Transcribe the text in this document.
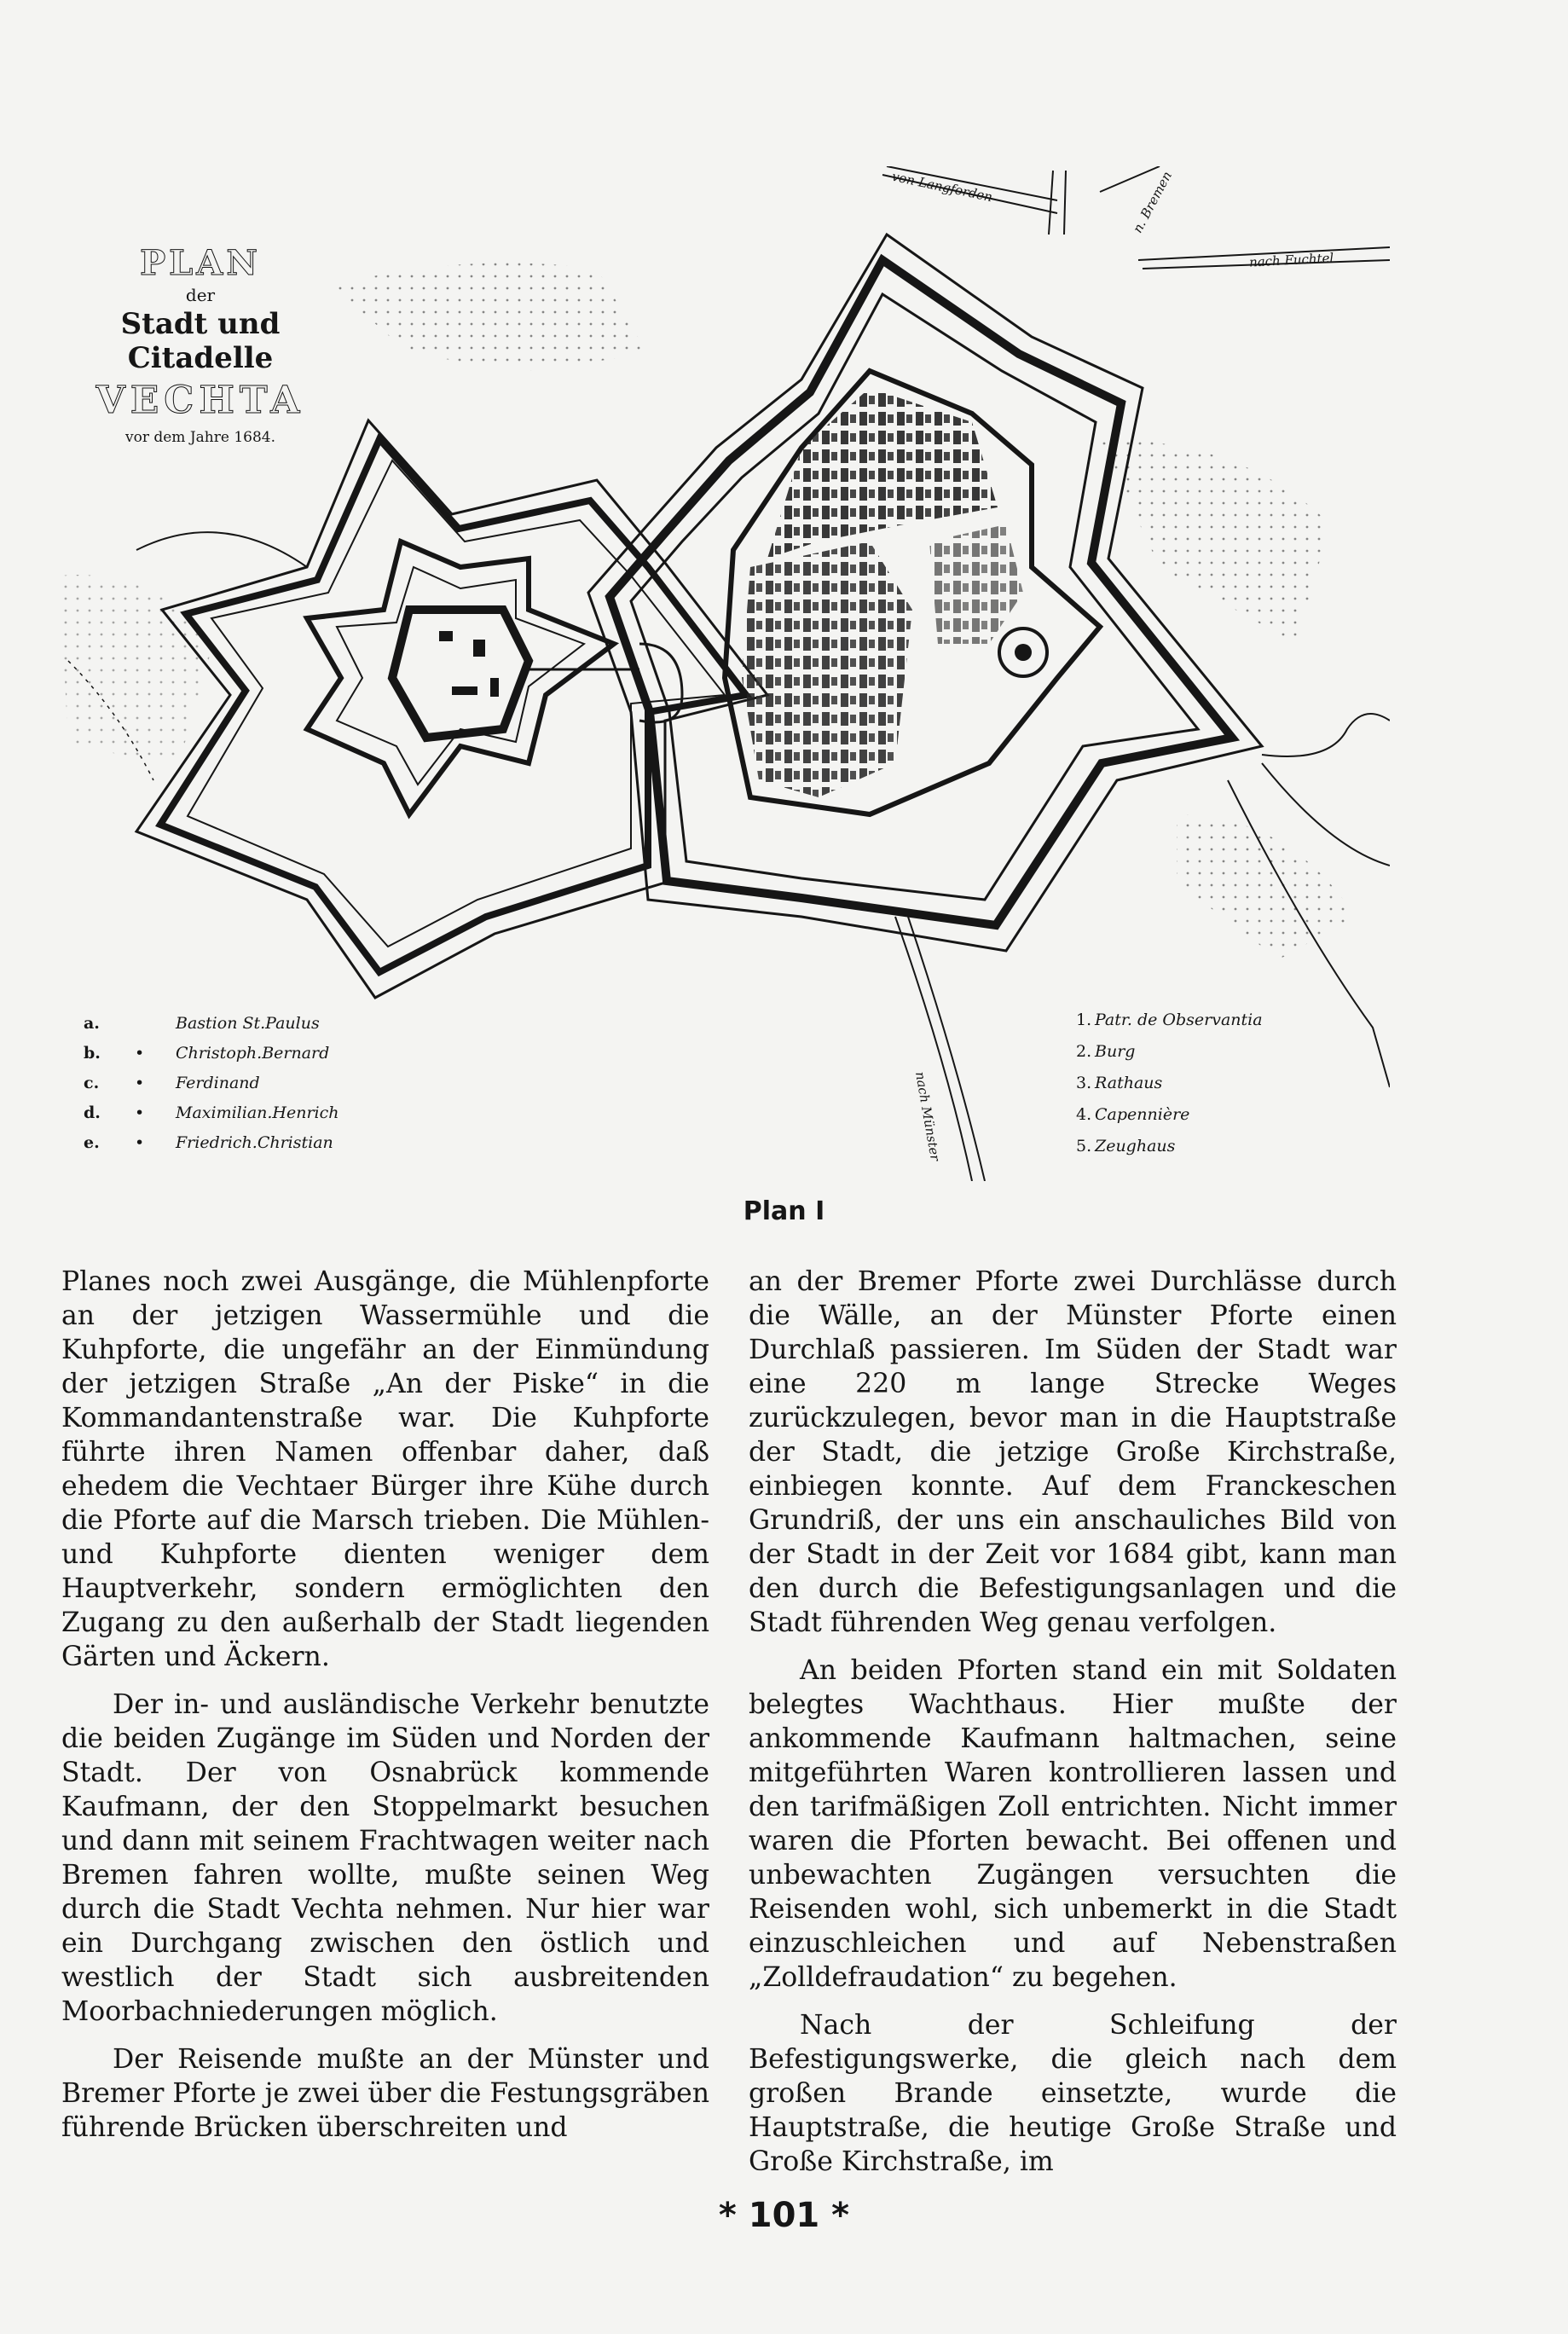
PLAN
der
Stadt und Citadelle
VECHTA
vor dem Jahre 1684.
von Langforden	n. Bremen
nach Fuchtel
nach Münster
a.	Bastion St.Paulus
b. • Christoph.Bernard
c. • Ferdinand
d. • Maximilian.Henrich
e. • Friedrich.Christian
1. Patr. de Observantia
2. Burg
3. Rathaus
4. Capennière
5. Zeughaus
Plan I

Planes noch zwei Ausgänge, die Mühlenpforte an der jetzigen Wassermühle und die Kuhpforte, die ungefähr an der Einmündung der jetzigen Straße „An der Piske“ in die Kommandantenstraße war. Die Kuhpforte führte ihren Namen offenbar daher, daß ehedem die Vechtaer Bürger ihre Kühe durch die Pforte auf die Marsch trieben. Die Mühlen- und Kuhpforte dienten weniger dem Hauptverkehr, sondern ermöglichten den Zugang zu den außerhalb der Stadt liegenden Gärten und Äckern.

Der in- und ausländische Verkehr benutzte die beiden Zugänge im Süden und Norden der Stadt. Der von Osnabrück kommende Kaufmann, der den Stoppelmarkt besuchen und dann mit seinem Frachtwagen weiter nach Bremen fahren wollte, mußte seinen Weg durch die Stadt Vechta nehmen. Nur hier war ein Durchgang zwischen den östlich und westlich der Stadt sich ausbreitenden Moorbachniederungen möglich.

Der Reisende mußte an der Münster und Bremer Pforte je zwei über die Festungsgräben führende Brücken überschreiten und

an der Bremer Pforte zwei Durchlässe durch die Wälle, an der Münster Pforte einen Durchlaß passieren. Im Süden der Stadt war eine 220 m lange Strecke Weges zurückzulegen, bevor man in die Hauptstraße der Stadt, die jetzige Große Kirchstraße, einbiegen konnte. Auf dem Franckeschen Grundriß, der uns ein anschauliches Bild von der Stadt in der Zeit vor 1684 gibt, kann man den durch die Befestigungsanlagen und die Stadt führenden Weg genau verfolgen.

An beiden Pforten stand ein mit Soldaten belegtes Wachthaus. Hier mußte der ankommende Kaufmann haltmachen, seine mitgeführten Waren kontrollieren lassen und den tarifmäßigen Zoll entrichten. Nicht immer waren die Pforten bewacht. Bei offenen und unbewachten Zugängen versuchten die Reisenden wohl, sich unbemerkt in die Stadt einzuschleichen und auf Nebenstraßen „Zolldefraudation“ zu begehen.

Nach der Schleifung der Befestigungswerke, die gleich nach dem großen Brande einsetzte, wurde die Hauptstraße, die heutige Große Straße und Große Kirchstraße, im

* 101 *
